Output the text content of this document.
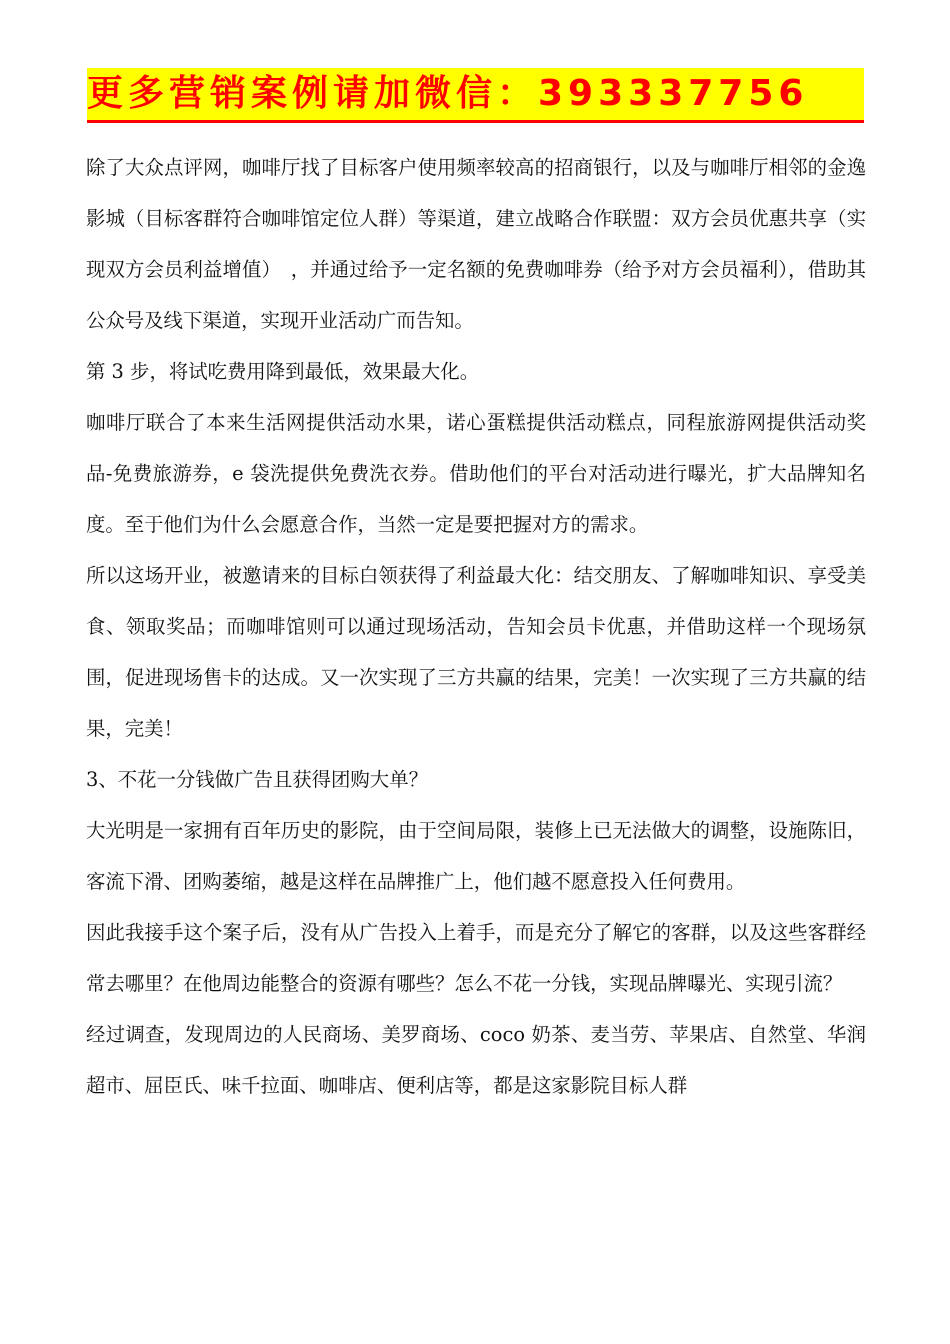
更多营销案例请加微信：393337756

除了大众点评网，咖啡厅找了目标客户使用频率较高的招商银行，以及与咖啡厅相邻的金逸影城（目标客群符合咖啡馆定位人群）等渠道，建立战略合作联盟：双方会员优惠共享（实现双方会员利益增值）　，并通过给予一定名额的免费咖啡券（给予对方会员福利），借助其公众号及线下渠道，实现开业活动广而告知。

第 3 步，将试吃费用降到最低，效果最大化。

咖啡厅联合了本来生活网提供活动水果，诺心蛋糕提供活动糕点，同程旅游网提供活动奖品-免费旅游券，e 袋洗提供免费洗衣券。借助他们的平台对活动进行曝光，扩大品牌知名度。至于他们为什么会愿意合作，当然一定是要把握对方的需求。

所以这场开业，被邀请来的目标白领获得了利益最大化：结交朋友、了解咖啡知识、享受美食、领取奖品；而咖啡馆则可以通过现场活动，告知会员卡优惠，并借助这样一个现场氛围，促进现场售卡的达成。又一次实现了三方共赢的结果，完美！一次实现了三方共赢的结果，完美！

3、不花一分钱做广告且获得团购大单？

大光明是一家拥有百年历史的影院，由于空间局限，装修上已无法做大的调整，设施陈旧，客流下滑、团购萎缩，越是这样在品牌推广上，他们越不愿意投入任何费用。

因此我接手这个案子后，没有从广告投入上着手，而是充分了解它的客群，以及这些客群经常去哪里？在他周边能整合的资源有哪些？怎么不花一分钱，实现品牌曝光、实现引流？

经过调查，发现周边的人民商场、美罗商场、coco 奶茶、麦当劳、苹果店、自然堂、华润超市、屈臣氏、味千拉面、咖啡店、便利店等，都是这家影院目标人群
